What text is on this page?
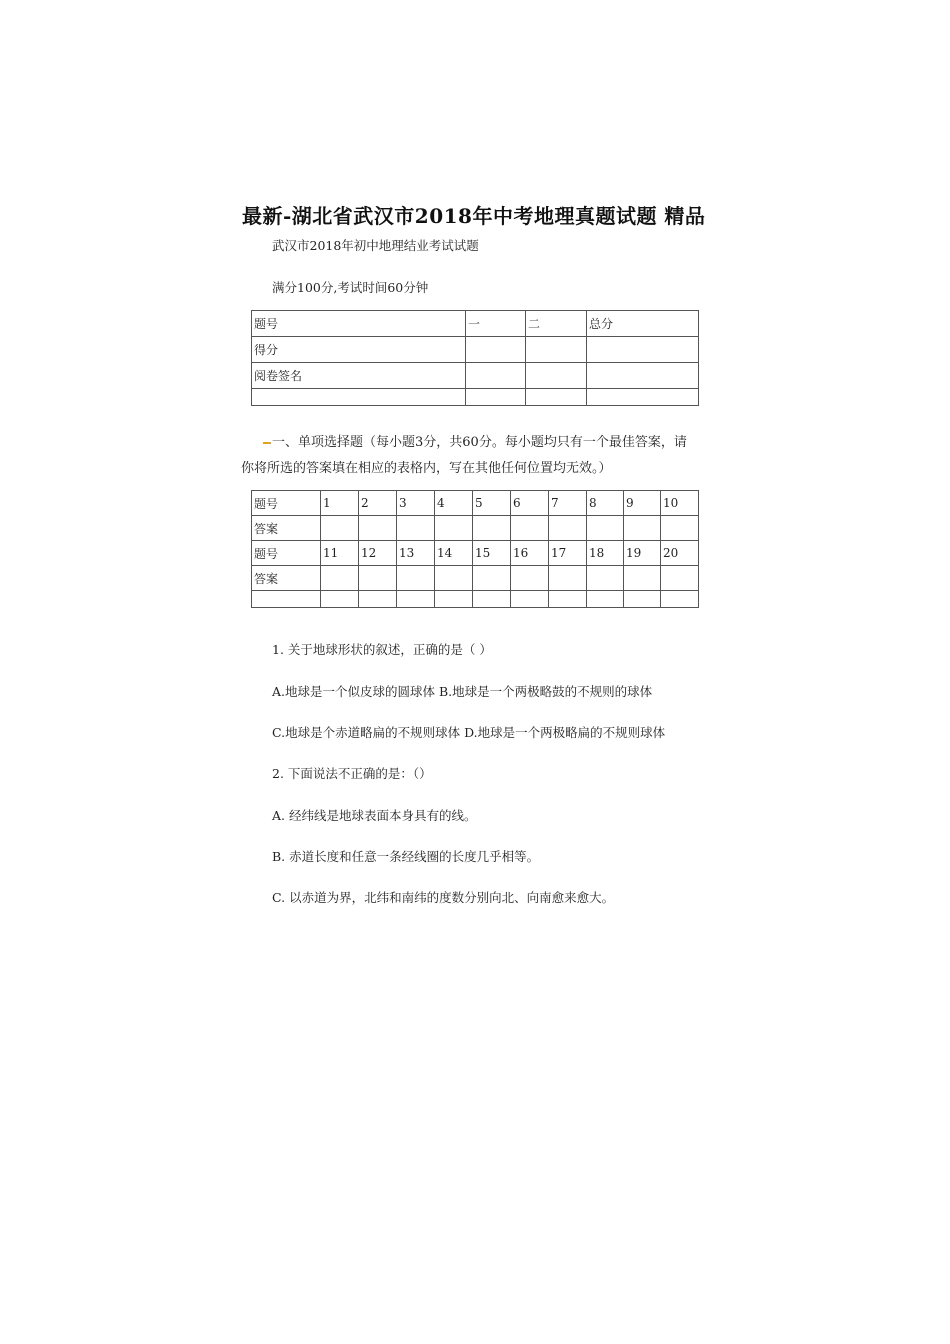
最新-湖北省武汉市2018年中考地理真题试题 精品
武汉市2018年初中地理结业考试试题
满分100分,考试时间60分钟
题号	一	二	总分
得分			
阅卷签名			

一、单项选择题（每小题3分，共60分。每小题均只有一个最佳答案，请
你将所选的答案填在相应的表格内，写在其他任何位置均无效。）
题号	1	2	3	4	5	6	7	8	9	10
答案										
题号	11	12	13	14	15	16	17	18	19	20
答案										

1. 关于地球形状的叙述，正确的是（ ）
A.地球是一个似皮球的圆球体 B.地球是一个两极略鼓的不规则的球体
C.地球是个赤道略扁的不规则球体 D.地球是一个两极略扁的不规则球体
2. 下面说法不正确的是：（）
A. 经纬线是地球表面本身具有的线。
B. 赤道长度和任意一条经线圈的长度几乎相等。
C. 以赤道为界，北纬和南纬的度数分别向北、向南愈来愈大。
